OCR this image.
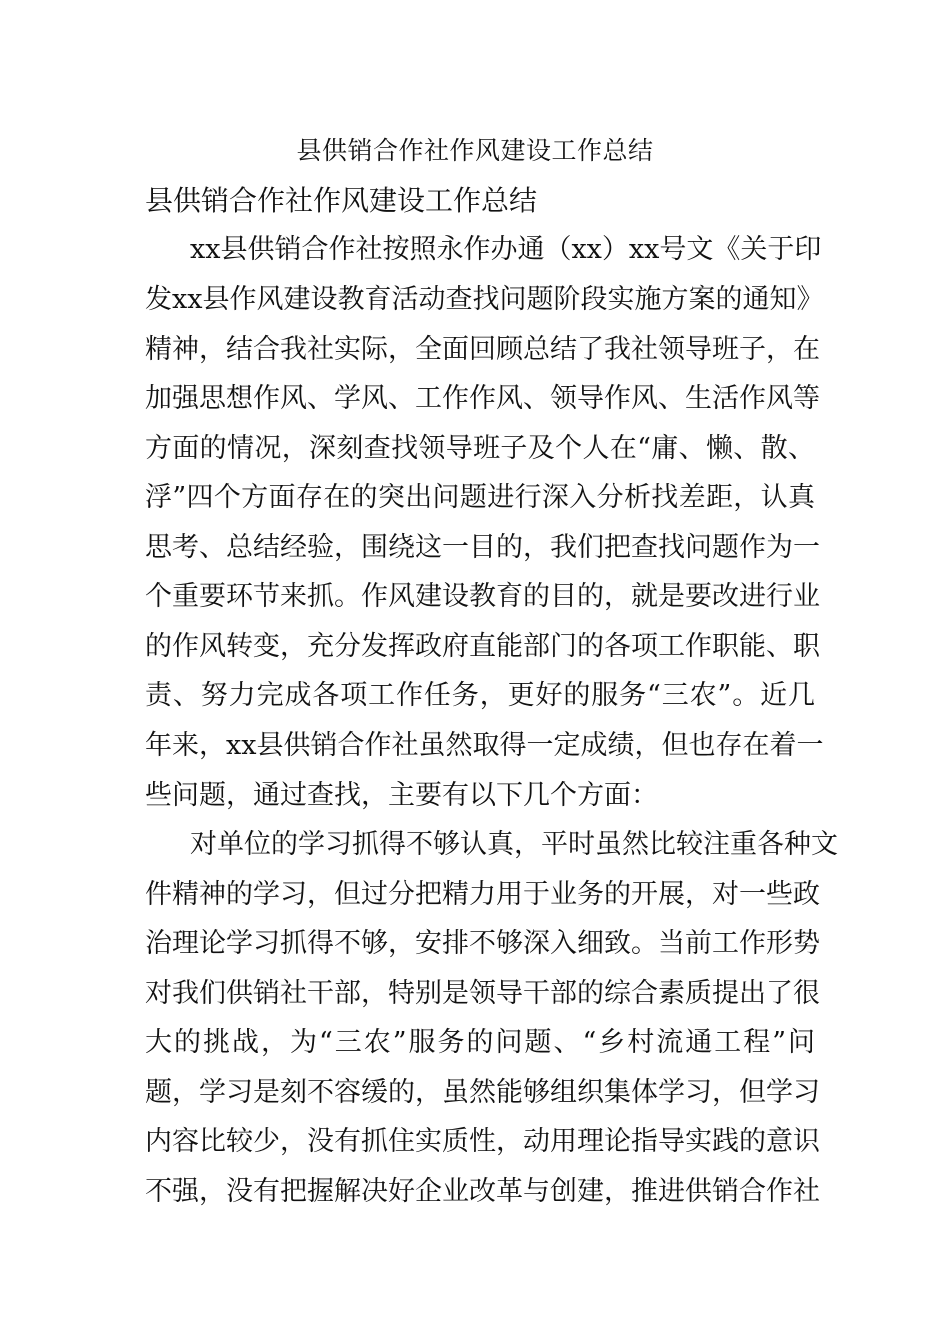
县供销合作社作风建设工作总结
县供销合作社作风建设工作总结
xx县供销合作社按照永作办通（xx）xx号文《关于印
发xx县作风建设教育活动查找问题阶段实施方案的通知》
精神，结合我社实际，全面回顾总结了我社领导班子，在
加强思想作风、学风、工作作风、领导作风、生活作风等
方面的情况，深刻查找领导班子及个人在“庸、懒、散、
浮”四个方面存在的突出问题进行深入分析找差距，认真
思考、总结经验，围绕这一目的，我们把查找问题作为一
个重要环节来抓。作风建设教育的目的，就是要改进行业
的作风转变，充分发挥政府直能部门的各项工作职能、职
责、努力完成各项工作任务，更好的服务“三农”。近几
年来，xx县供销合作社虽然取得一定成绩，但也存在着一
些问题，通过查找，主要有以下几个方面：
对单位的学习抓得不够认真，平时虽然比较注重各种文
件精神的学习，但过分把精力用于业务的开展，对一些政
治理论学习抓得不够，安排不够深入细致。当前工作形势
对我们供销社干部，特别是领导干部的综合素质提出了很
大的挑战，为“三农”服务的问题、“乡村流通工程”问
题，学习是刻不容缓的，虽然能够组织集体学习，但学习
内容比较少，没有抓住实质性，动用理论指导实践的意识
不强，没有把握解决好企业改革与创建，推进供销合作社
